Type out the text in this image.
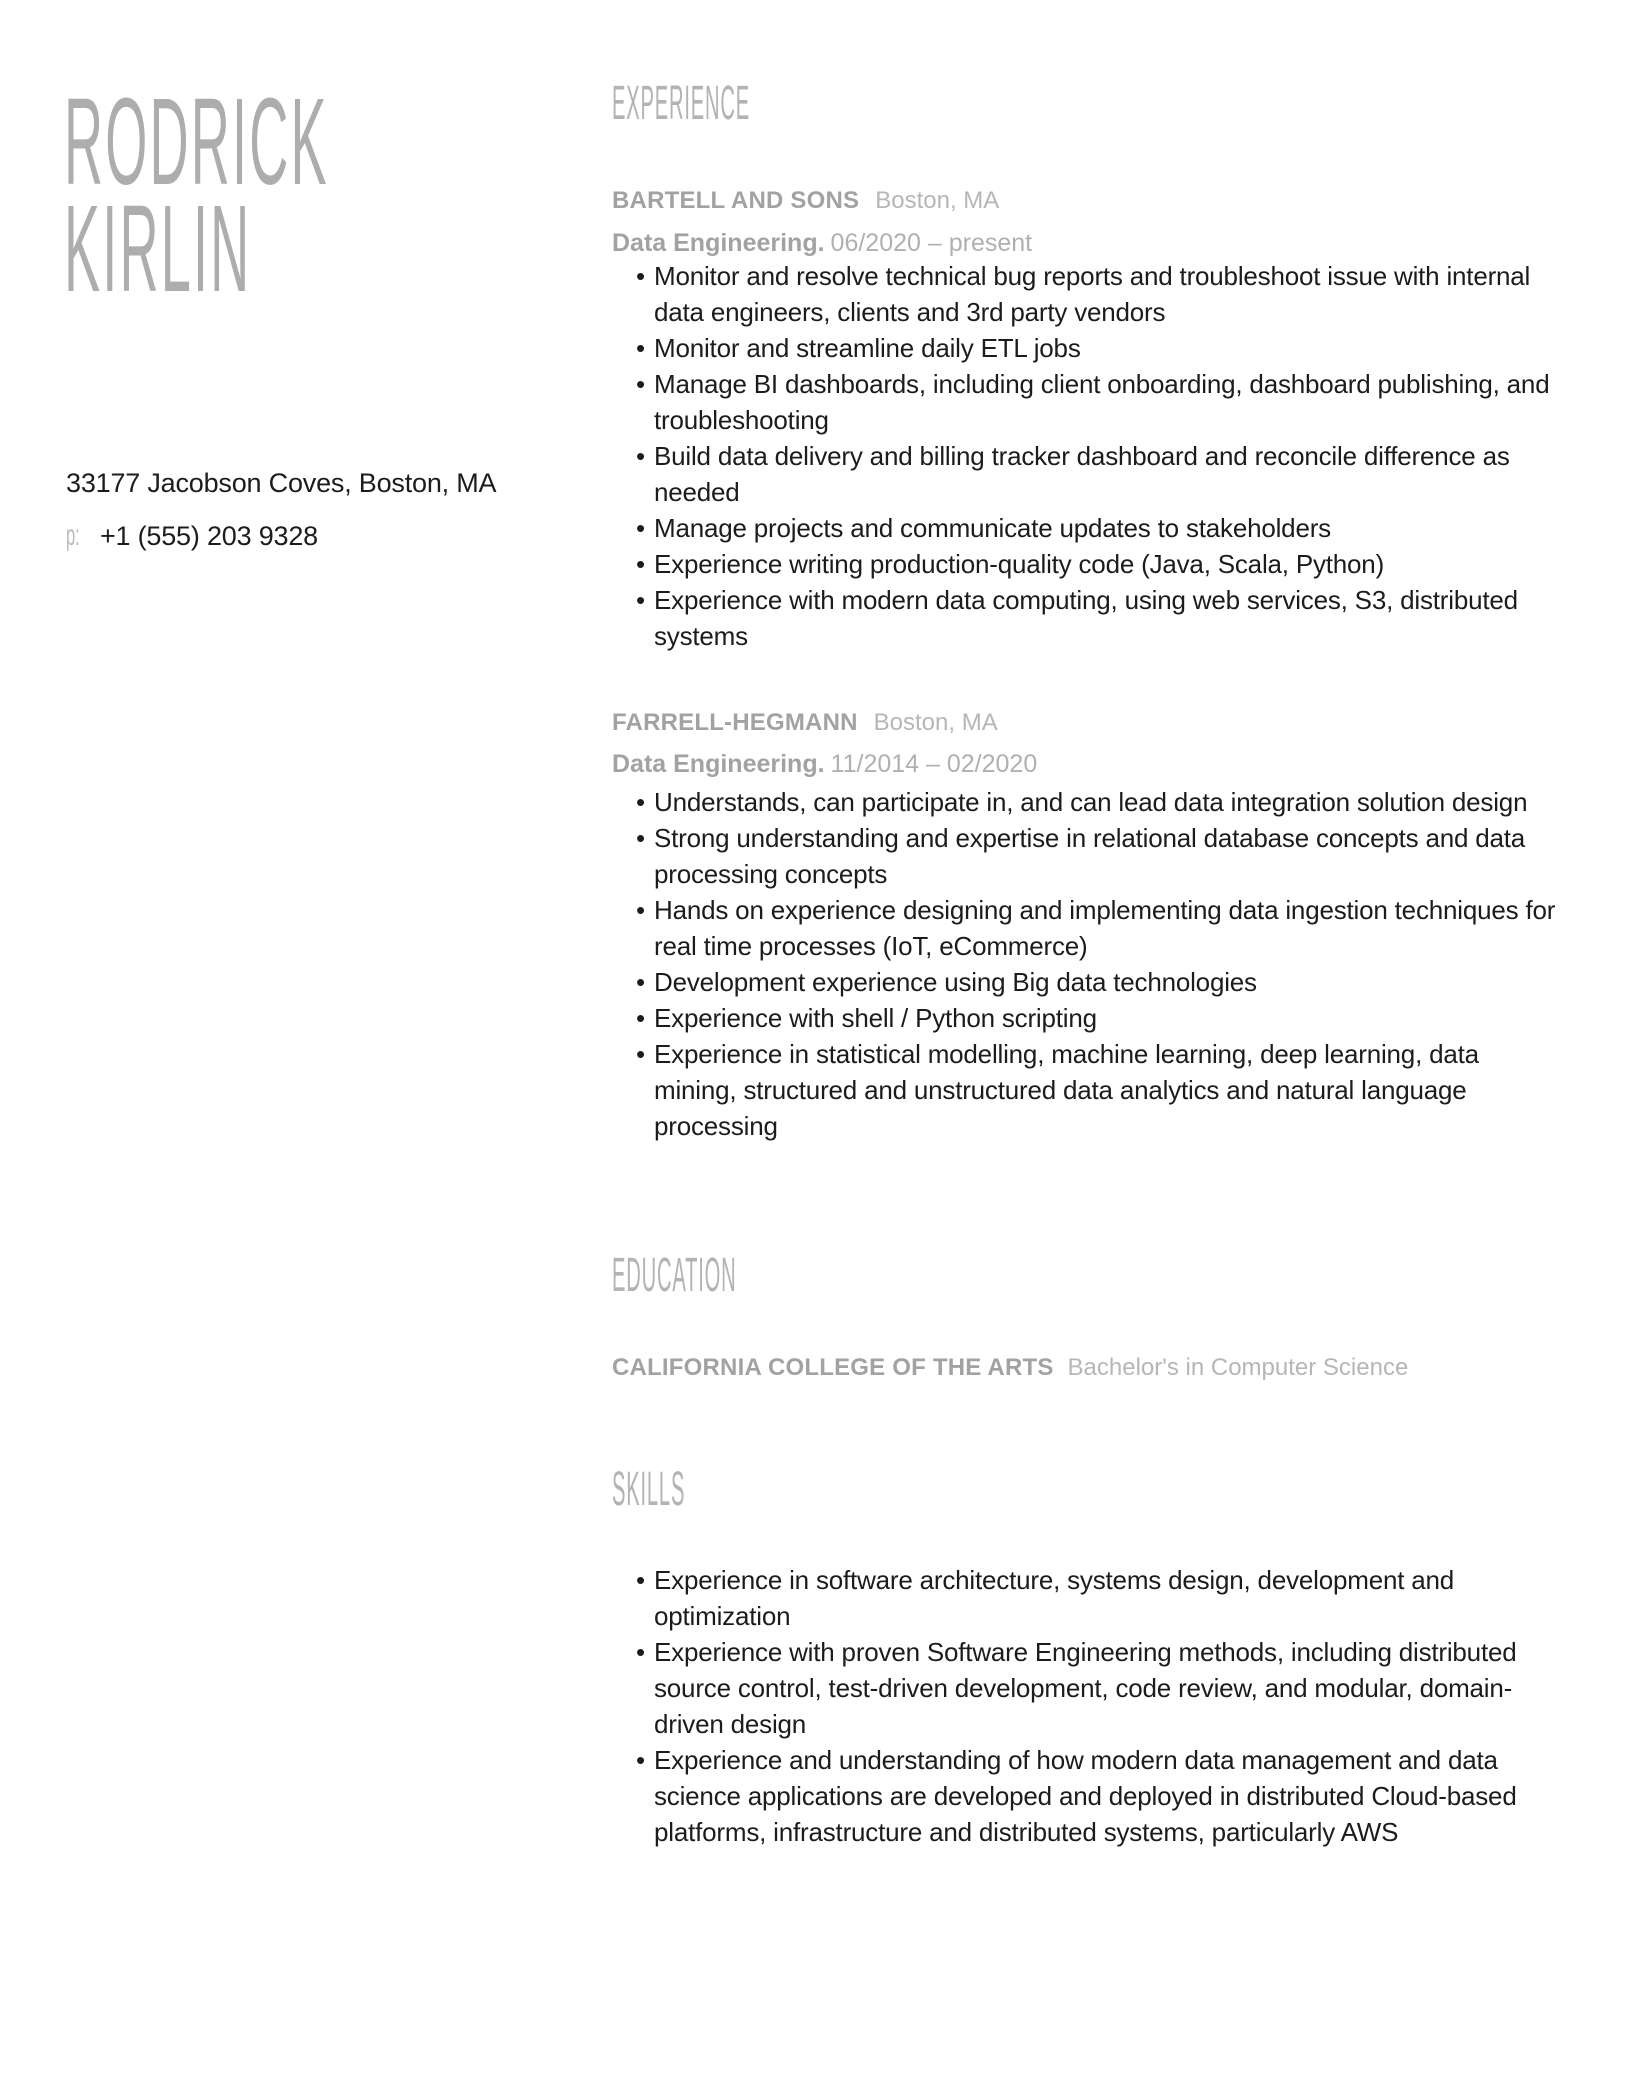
RODRICK
KIRLIN
33177 Jacobson Coves, Boston, MA
p: +1 (555) 203 9328
EXPERIENCE
BARTELL AND SONS Boston, MA
Data Engineering. 06/2020 – present
• Monitor and resolve technical bug reports and troubleshoot issue with internal data engineers, clients and 3rd party vendors
• Monitor and streamline daily ETL jobs
• Manage BI dashboards, including client onboarding, dashboard publishing, and troubleshooting
• Build data delivery and billing tracker dashboard and reconcile difference as needed
• Manage projects and communicate updates to stakeholders
• Experience writing production-quality code (Java, Scala, Python)
• Experience with modern data computing, using web services, S3, distributed systems
FARRELL-HEGMANN Boston, MA
Data Engineering. 11/2014 – 02/2020
• Understands, can participate in, and can lead data integration solution design
• Strong understanding and expertise in relational database concepts and data processing concepts
• Hands on experience designing and implementing data ingestion techniques for real time processes (IoT, eCommerce)
• Development experience using Big data technologies
• Experience with shell / Python scripting
• Experience in statistical modelling, machine learning, deep learning, data mining, structured and unstructured data analytics and natural language processing
EDUCATION
CALIFORNIA COLLEGE OF THE ARTS Bachelor's in Computer Science
SKILLS
• Experience in software architecture, systems design, development and optimization
• Experience with proven Software Engineering methods, including distributed source control, test-driven development, code review, and modular, domain-driven design
• Experience and understanding of how modern data management and data science applications are developed and deployed in distributed Cloud-based platforms, infrastructure and distributed systems, particularly AWS
